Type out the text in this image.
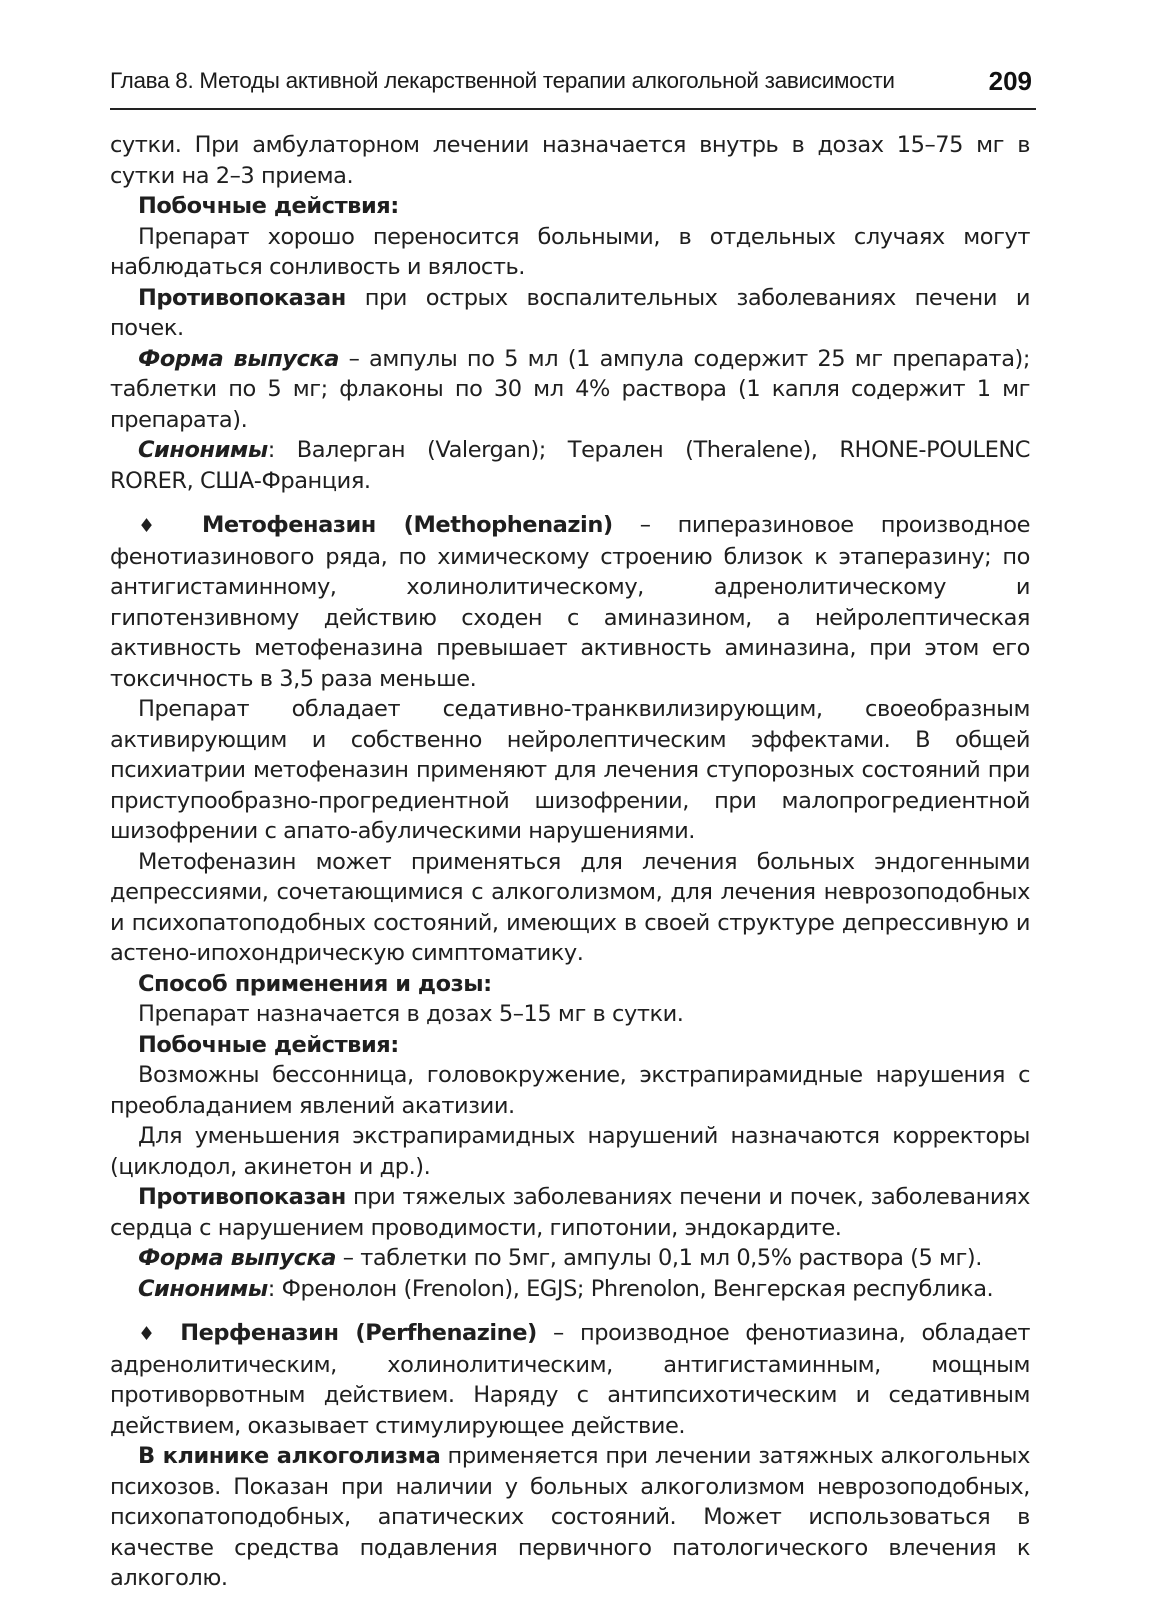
Глава 8. Методы активной лекарственной терапии алкогольной зависимости	209

сутки. При амбулаторном лечении назначается внутрь в дозах 15–75 мг в сутки на 2–3 приема.

Побочные действия:

Препарат хорошо переносится больными, в отдельных случаях могут наблюдаться сонливость и вялость.

Противопоказан при острых воспалительных заболеваниях печени и почек.

Форма выпуска – ампулы по 5 мл (1 ампула содержит 25 мг препарата); таблетки по 5 мг; флаконы по 30 мл 4% раствора (1 капля содержит 1 мг препарата).

Синонимы: Валерган (Valergan); Терален (Theralene), RHONE-POULENC RORER, США-Франция.

♦ Метофеназин (Methophenazin) – пиперазиновое производное фенотиазинового ряда, по химическому строению близок к этаперазину; по антигистаминному, холинолитическому, адренолитическому и гипотензивному действию сходен с аминазином, а нейролептическая активность метофеназина превышает активность аминазина, при этом его токсичность в 3,5 раза меньше.

Препарат обладает седативно-транквилизирующим, своеобразным активирующим и собственно нейролептическим эффектами. В общей психиатрии метофеназин применяют для лечения ступорозных состояний при приступообразно-прогредиентной шизофрении, при малопрогредиентной шизофрении с апато-абулическими нарушениями.

Метофеназин может применяться для лечения больных эндогенными депрессиями, сочетающимися с алкоголизмом, для лечения неврозоподобных и психопатоподобных состояний, имеющих в своей структуре депрессивную и астено-ипохондрическую симптоматику.

Способ применения и дозы:

Препарат назначается в дозах 5–15 мг в сутки.

Побочные действия:

Возможны бессонница, головокружение, экстрапирамидные нарушения с преобладанием явлений акатизии.

Для уменьшения экстрапирамидных нарушений назначаются корректоры (циклодол, акинетон и др.).

Противопоказан при тяжелых заболеваниях печени и почек, заболеваниях сердца с нарушением проводимости, гипотонии, эндокардите.

Форма выпуска – таблетки по 5мг, ампулы 0,1 мл 0,5% раствора (5 мг).

Синонимы: Френолон (Frenolon), EGJS; Phrenolon, Венгерская республика.

♦ Перфеназин (Perfhenazine) – производное фенотиазина, обладает адренолитическим, холинолитическим, антигистаминным, мощным противорвотным действием. Наряду с антипсихотическим и седативным действием, оказывает стимулирующее действие.

В клинике алкоголизма применяется при лечении затяжных алкогольных психозов. Показан при наличии у больных алкоголизмом неврозоподобных, психопатоподобных, апатических состояний. Может использоваться в качестве средства подавления первичного патологического влечения к алкоголю.
